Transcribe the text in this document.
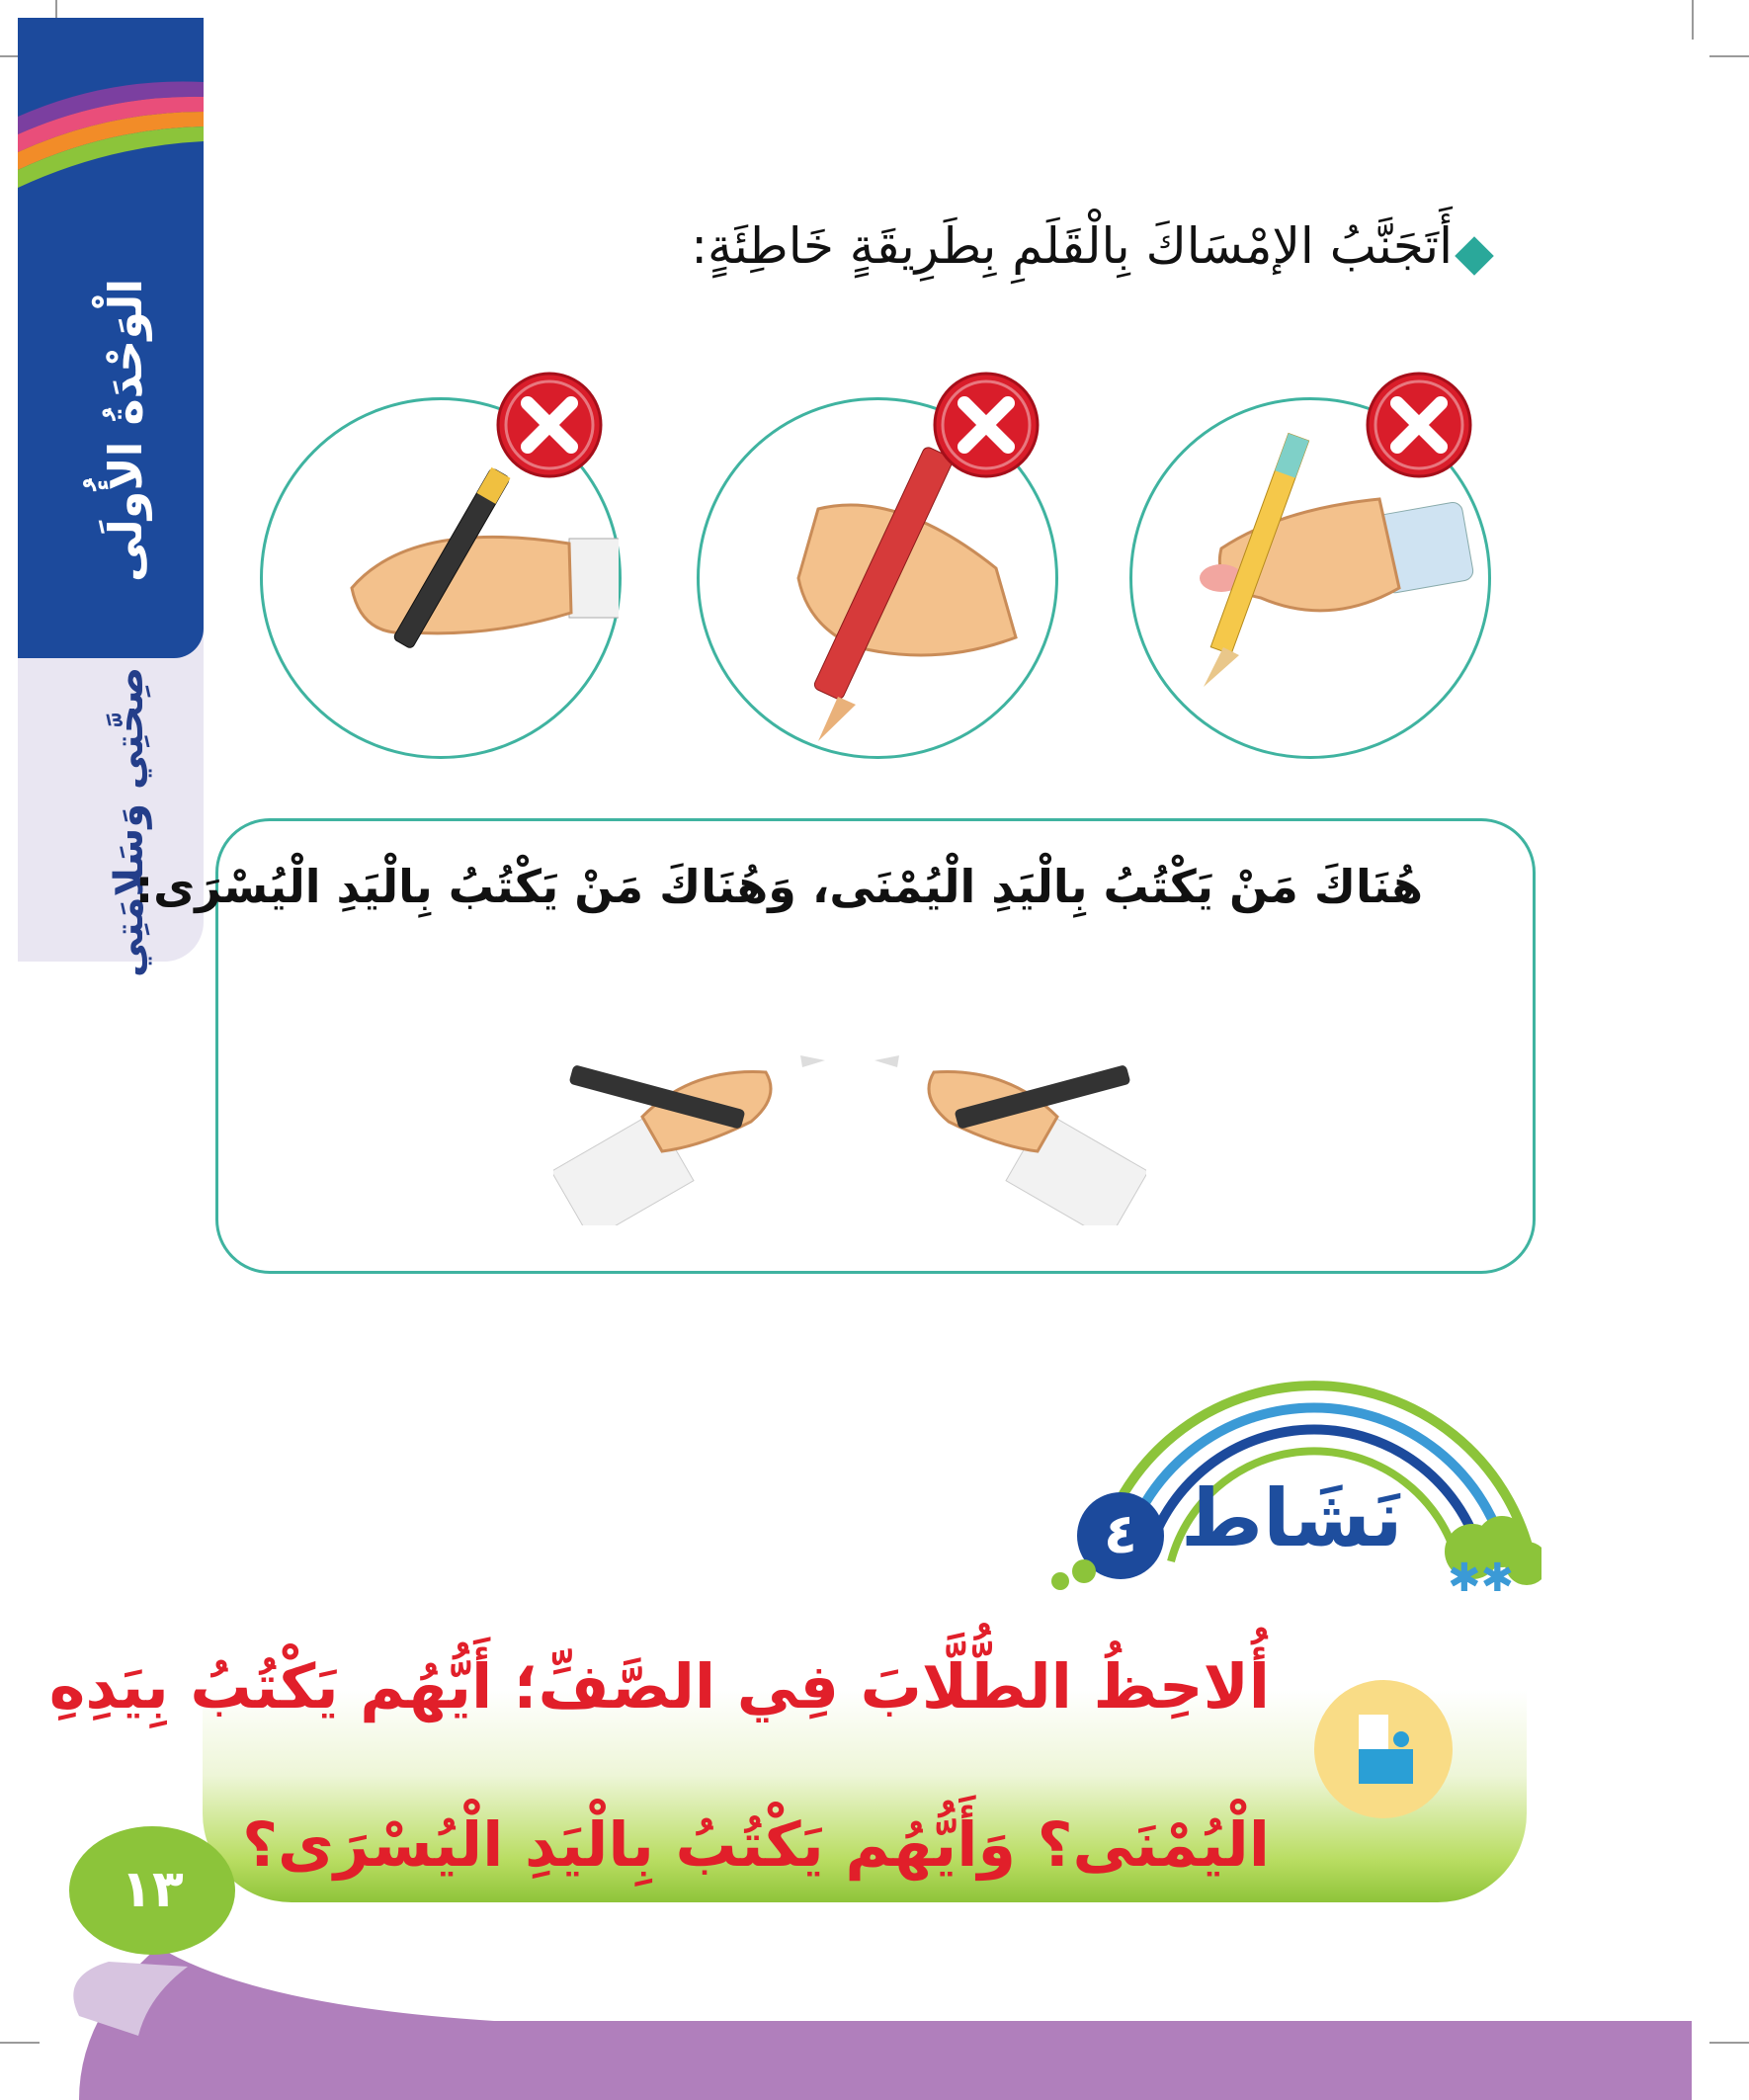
الْوَحْدَةُ الأُولَى
صِحَّتِي وَسَلامَتِي
أَتَجَنَّبُ الإمْسَاكَ بِالْقَلَمِ بِطَرِيقَةٍ خَاطِئَةٍ:
هُنَاكَ مَنْ يَكْتُبُ بِالْيَدِ الْيُمْنَى، وَهُنَاكَ مَنْ يَكْتُبُ بِالْيَدِ الْيُسْرَى:
نَشَاط
٤
✱✱
أُلاحِظُ الطُّلَّابَ فِي الصَّفِّ؛ أَيُّهُم يَكْتُبُ بِيَدِهِ
الْيُمْنَى؟ وَأَيُّهُم يَكْتُبُ بِالْيَدِ الْيُسْرَى؟
١٣
